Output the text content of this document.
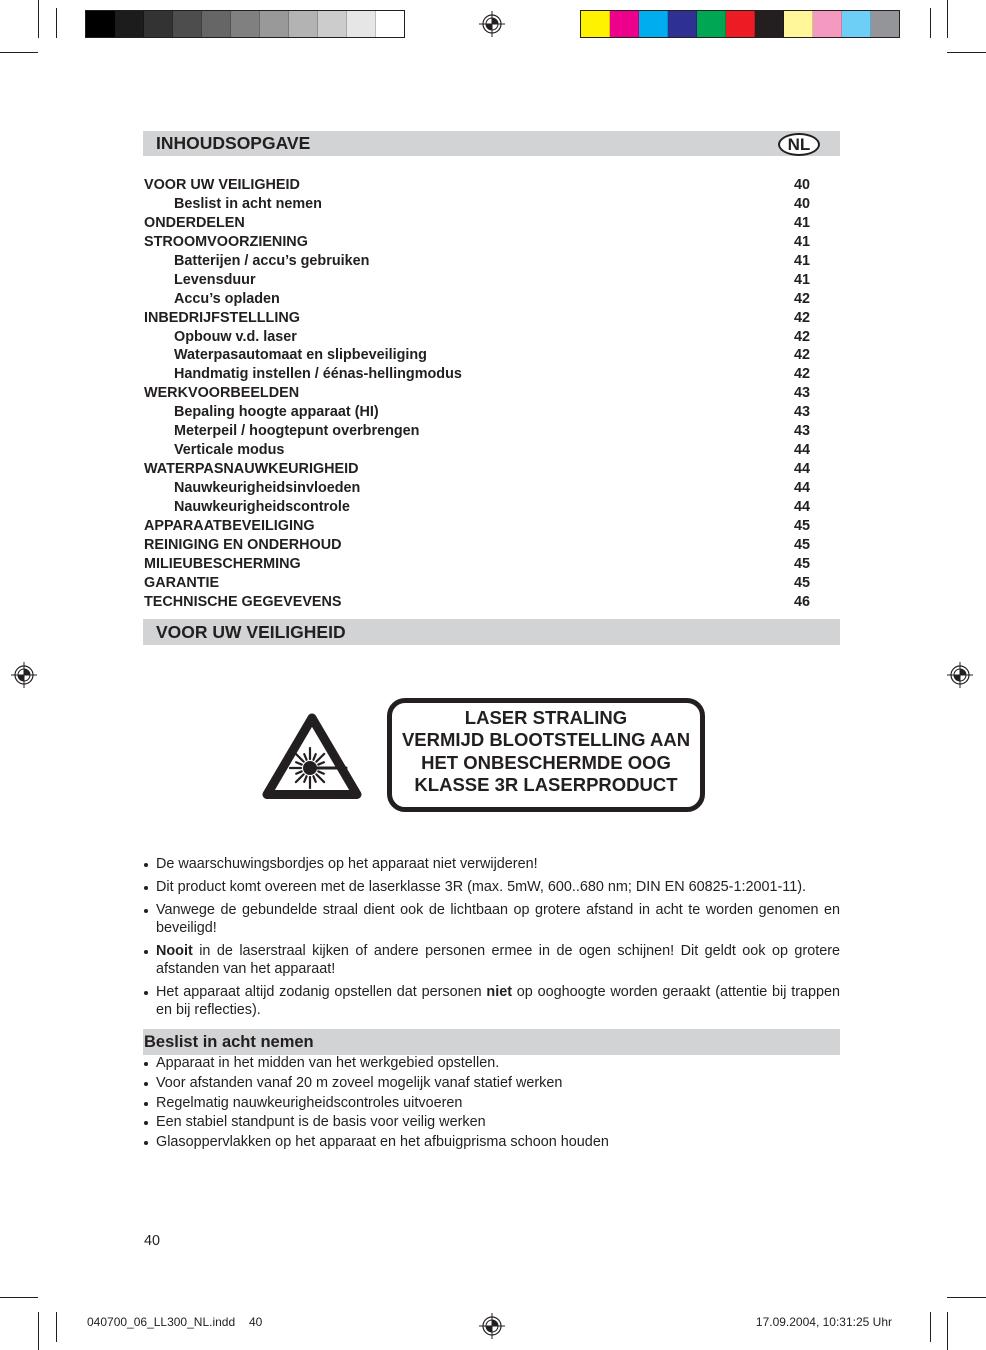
INHOUDSOPGAVE	NL
VOOR UW VEILIGHEID	40
Beslist in acht nemen	40
ONDERDELEN	41
STROOMVOORZIENING	41
Batterijen / accu’s gebruiken	41
Levensduur	41
Accu’s opladen	42
INBEDRIJFSTELLLING	42
Opbouw v.d. laser	42
Waterpasautomaat en slipbeveiliging	42
Handmatig instellen / éénas-hellingmodus	42
WERKVOORBEELDEN	43
Bepaling hoogte apparaat (HI)	43
Meterpeil / hoogtepunt overbrengen	43
Verticale modus	44
WATERPASNAUWKEURIGHEID	44
Nauwkeurigheidsinvloeden	44
Nauwkeurigheidscontrole	44
APPARAATBEVEILIGING	45
REINIGING EN ONDERHOUD	45
MILIEUBESCHERMING	45
GARANTIE	45
TECHNISCHE GEGEVEVENS	46
VOOR UW VEILIGHEID
LASER STRALING
VERMIJD BLOOTSTELLING AAN
HET ONBESCHERMDE OOG
KLASSE 3R LASERPRODUCT
De waarschuwingsbordjes op het apparaat niet verwijderen!
Dit product komt overeen met de laserklasse 3R (max. 5mW, 600..680 nm; DIN EN 60825-1:2001-11).
Vanwege de gebundelde straal dient ook de lichtbaan op grotere afstand in acht te worden genomen en beveiligd!
Nooit in de laserstraal kijken of andere personen ermee in de ogen schijnen! Dit geldt ook op grotere afstanden van het apparaat!
Het apparaat altijd zodanig opstellen dat personen niet op ooghoogte worden geraakt (attentie bij trappen en bij reflecties).
Beslist in acht nemen
Apparaat in het midden van het werkgebied opstellen.
Voor afstanden vanaf 20 m zoveel mogelijk vanaf statief werken
Regelmatig nauwkeurigheidscontroles uitvoeren
Een stabiel standpunt is de basis voor veilig werken
Glasoppervlakken op het apparaat en het afbuigprisma schoon houden
40
040700_06_LL300_NL.indd 40	17.09.2004, 10:31:25 Uhr
